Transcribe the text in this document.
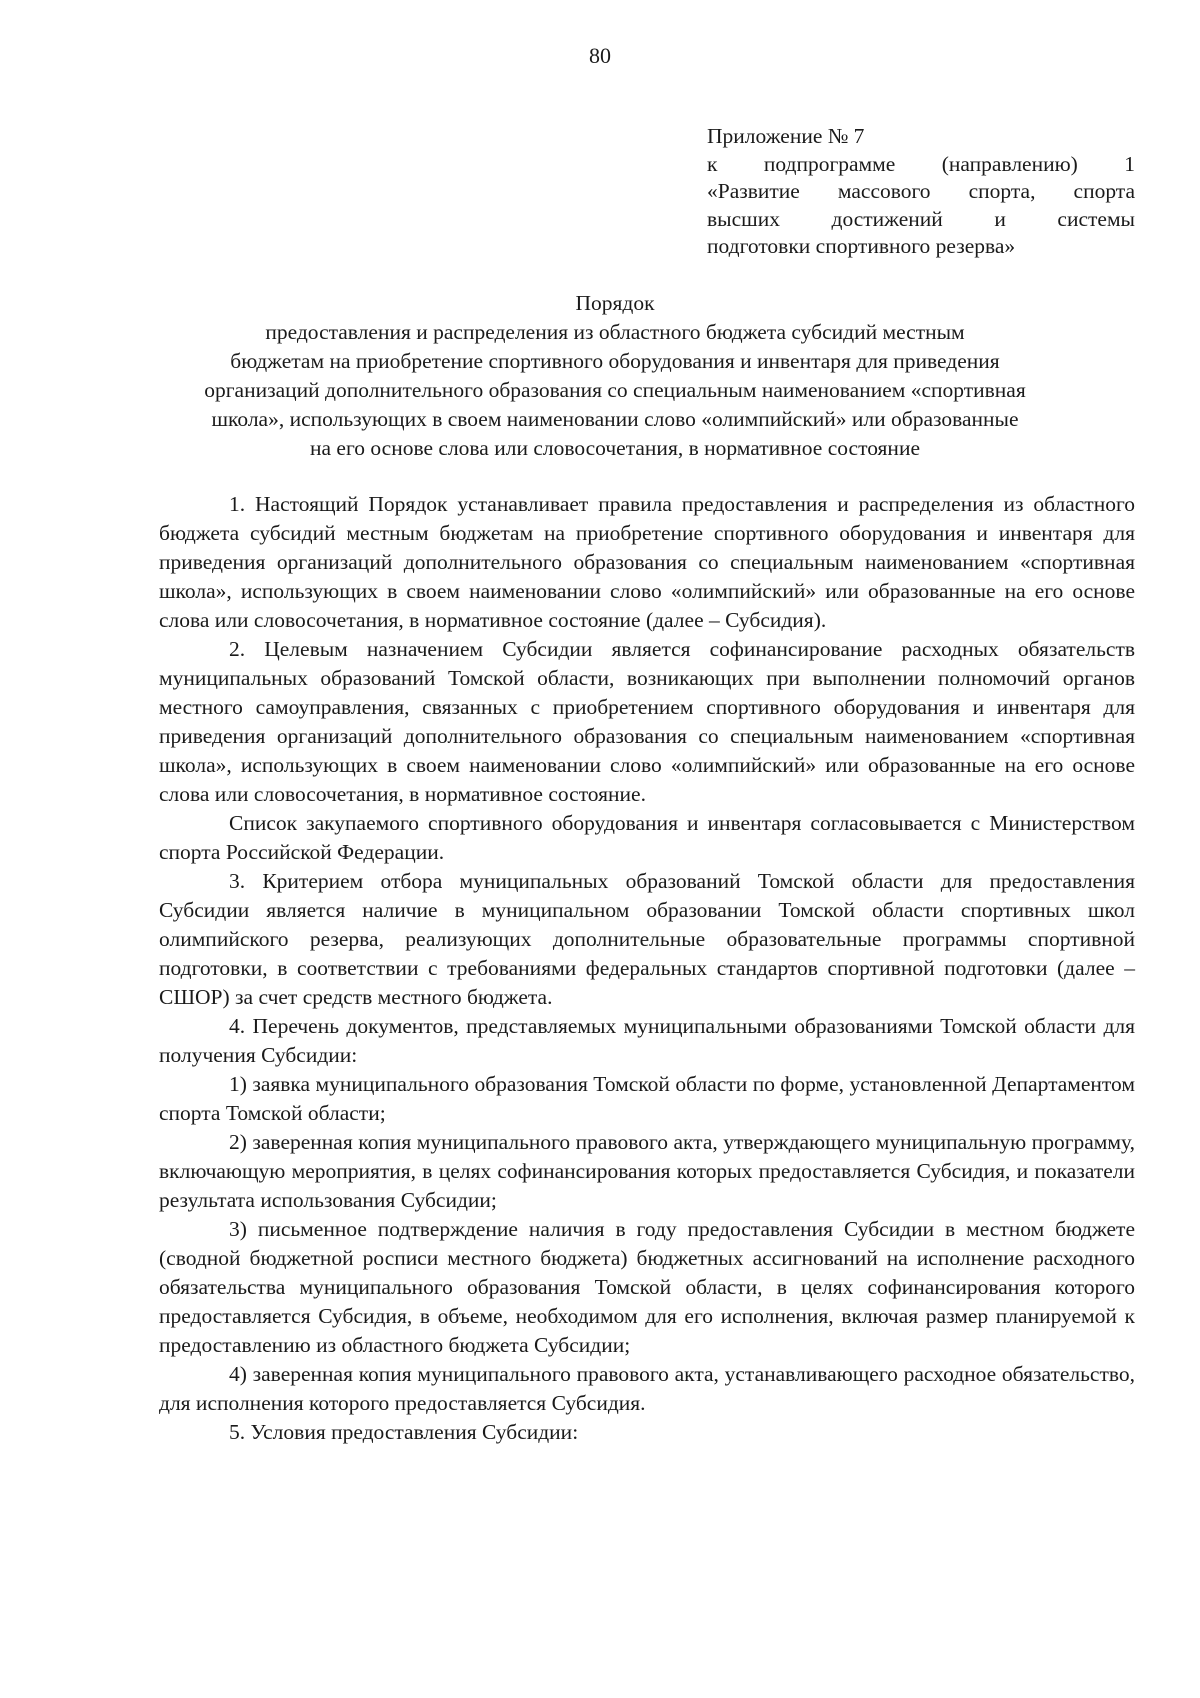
80
Приложение № 7
к подпрограмме (направлению) 1
«Развитие массового спорта, спорта
высших достижений и системы
подготовки спортивного резерва»
Порядок
предоставления и распределения из областного бюджета субсидий местным
бюджетам на приобретение спортивного оборудования и инвентаря для приведения
организаций дополнительного образования со специальным наименованием «спортивная
школа», использующих в своем наименовании слово «олимпийский» или образованные
на его основе слова или словосочетания, в нормативное состояние

1. Настоящий Порядок устанавливает правила предоставления и распределения из областного бюджета субсидий местным бюджетам на приобретение спортивного оборудования и инвентаря для приведения организаций дополнительного образования со специальным наименованием «спортивная школа», использующих в своем наименовании слово «олимпийский» или образованные на его основе слова или словосочетания, в нормативное состояние (далее – Субсидия).

2. Целевым назначением Субсидии является софинансирование расходных обязательств муниципальных образований Томской области, возникающих при выполнении полномочий органов местного самоуправления, связанных с приобретением спортивного оборудования и инвентаря для приведения организаций дополнительного образования со специальным наименованием «спортивная школа», использующих в своем наименовании слово «олимпийский» или образованные на его основе слова или словосочетания, в нормативное состояние.

Список закупаемого спортивного оборудования и инвентаря согласовывается с Министерством спорта Российской Федерации.

3. Критерием отбора муниципальных образований Томской области для предоставления Субсидии является наличие в муниципальном образовании Томской области спортивных школ олимпийского резерва, реализующих дополнительные образовательные программы спортивной подготовки, в соответствии с требованиями федеральных стандартов спортивной подготовки (далее – СШОР) за счет средств местного бюджета.

4. Перечень документов, представляемых муниципальными образованиями Томской области для получения Субсидии:

1) заявка муниципального образования Томской области по форме, установленной Департаментом спорта Томской области;

2) заверенная копия муниципального правового акта, утверждающего муниципальную программу, включающую мероприятия, в целях софинансирования которых предоставляется Субсидия, и показатели результата использования Субсидии;

3) письменное подтверждение наличия в году предоставления Субсидии в местном бюджете (сводной бюджетной росписи местного бюджета) бюджетных ассигнований на исполнение расходного обязательства муниципального образования Томской области, в целях софинансирования которого предоставляется Субсидия, в объеме, необходимом для его исполнения, включая размер планируемой к предоставлению из областного бюджета Субсидии;

4) заверенная копия муниципального правового акта, устанавливающего расходное обязательство, для исполнения которого предоставляется Субсидия.

5. Условия предоставления Субсидии:
